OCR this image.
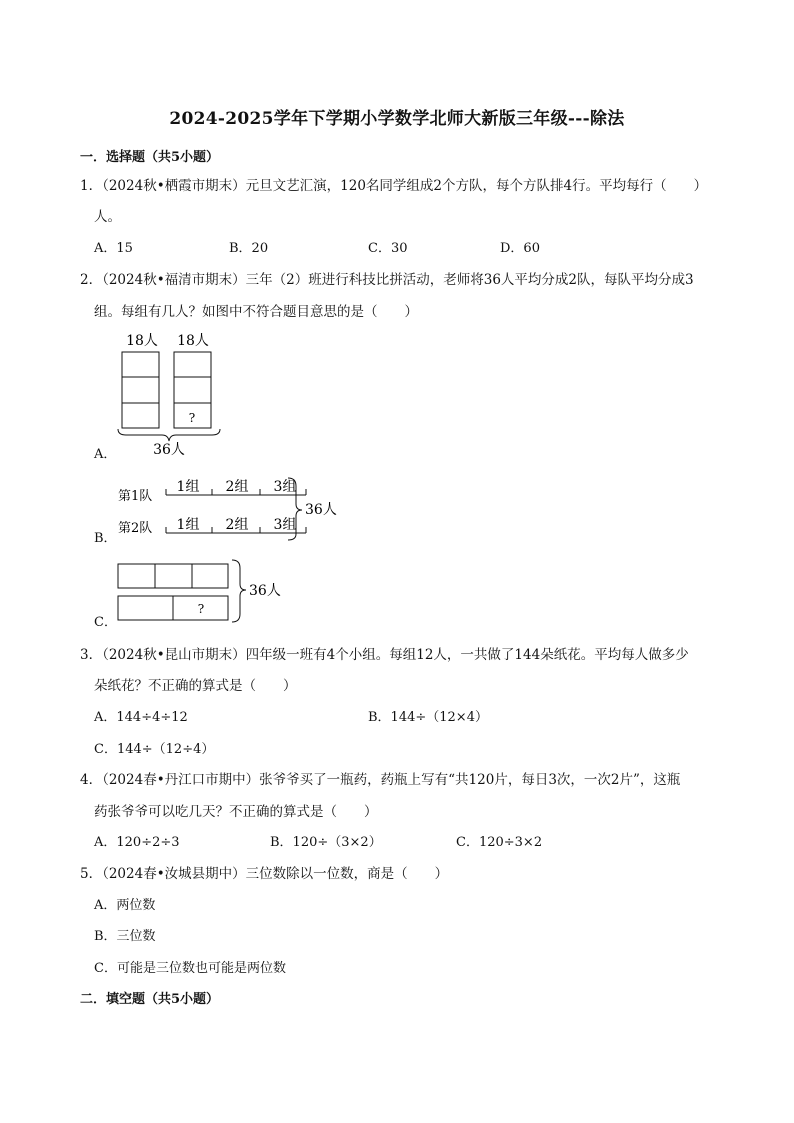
2024-2025学年下学期小学数学北师大新版三年级---除法
一．选择题（共5小题）
1．（2024秋•栖霞市期末）元旦文艺汇演，120名同学组成2个方队，每个方队排4行。平均每行（　　）
人。
A．15	B．20	C．30	D．60
2．（2024秋•福清市期末）三年（2）班进行科技比拼活动，老师将36人平均分成2队，每队平均分成3
组。每组有几人？如图中不符合题目意思的是（　　）
A．
18人 18人
?
36人
B．
第1队
第2队
1组 2组 3组
1组 2组 3组
36人
C．
?
36人
3．（2024秋•昆山市期末）四年级一班有4个小组。每组12人，一共做了144朵纸花。平均每人做多少
朵纸花？不正确的算式是（　　）
A．144÷4÷12	B．144÷（12×4）
C．144÷（12÷4）
4．（2024春•丹江口市期中）张爷爷买了一瓶药，药瓶上写有“共120片，每日3次，一次2片”，这瓶
药张爷爷可以吃几天？不正确的算式是（　　）
A．120÷2÷3	B．120÷（3×2）	C．120÷3×2
5．（2024春•汝城县期中）三位数除以一位数，商是（　　）
A．两位数
B．三位数
C．可能是三位数也可能是两位数
二．填空题（共5小题）
